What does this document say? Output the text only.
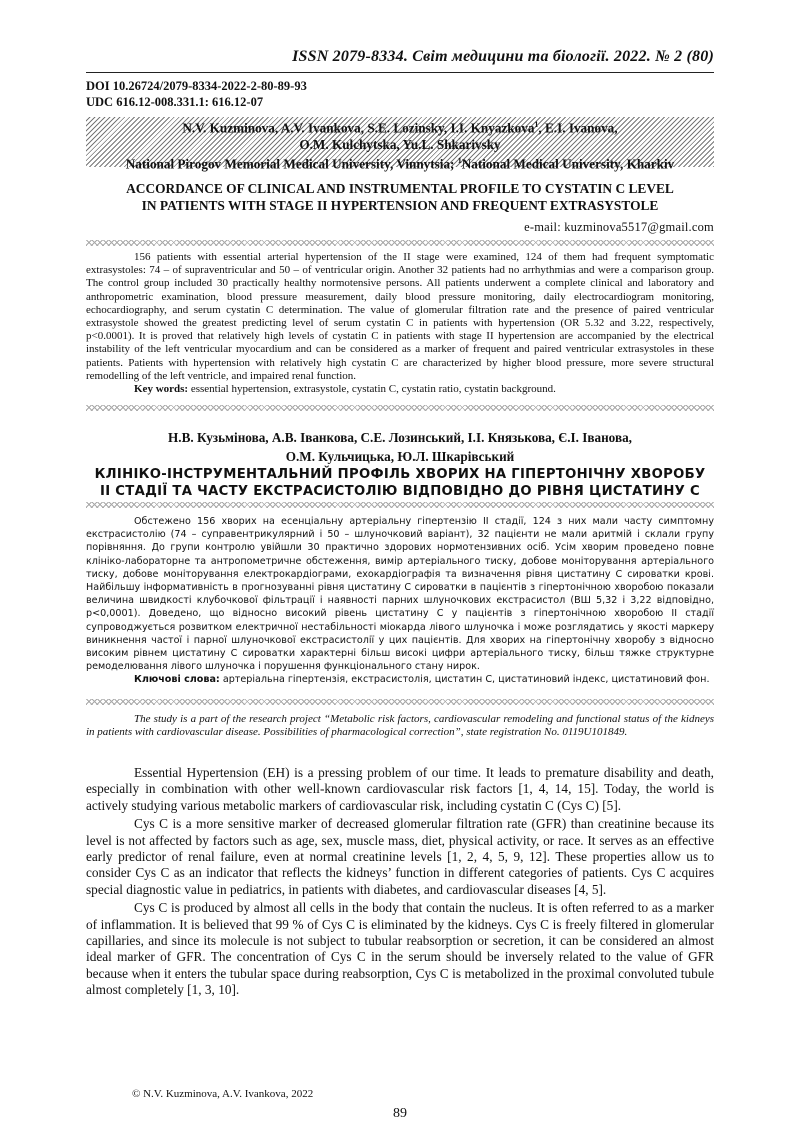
ISSN 2079-8334. Світ медицини та біології. 2022. № 2 (80)
DOI 10.26724/2079-8334-2022-2-80-89-93
UDC 616.12-008.331.1: 616.12-07
N.V. Kuzminova, A.V. Ivankova, S.E. Lozinsky, I.I. Knyazkova$^1$, E.I. Ivanova,
O.M. Kulchytska, Yu.L. Shkarivsky
National Pirogov Memorial Medical University, Vinnytsia; $^1$National Medical University, Kharkiv
ACCORDANCE OF CLINICAL AND INSTRUMENTAL PROFILE TO CYSTATIN C LEVEL
IN PATIENTS WITH STAGE II HYPERTENSION AND FREQUENT EXTRASYSTOLE
e-mail: kuzminova5517@gmail.com

156 patients with essential arterial hypertension of the II stage were examined, 124 of them had frequent symptomatic extrasystoles: 74 – of supraventricular and 50 – of ventricular origin. Another 32 patients had no arrhythmias and were a comparison group. The control group included 30 practically healthy normotensive persons. All patients underwent a complete clinical and laboratory and anthropometric examination, blood pressure measurement, daily blood pressure monitoring, daily electrocardiogram monitoring, echocardiography, and serum cystatin C determination. The value of glomerular filtration rate and the presence of paired ventricular extrasystole showed the greatest predicting level of serum cystatin C in patients with hypertension (OR 5.32 and 3.22, respectively, p<0.0001). It is proved that relatively high levels of cystatin C in patients with stage II hypertension are accompanied by the electrical instability of the left ventricular myocardium and can be considered as a marker of frequent and paired ventricular extrasystoles in these patients. Patients with hypertension with relatively high cystatin C are characterized by higher blood pressure, more severe structural remodelling of the left ventricle, and impaired renal function.

Key words: essential hypertension, extrasystole, cystatin C, cystatin ratio, cystatin background.

Н.В. Кузьмінова, А.В. Іванкова, С.Е. Лозинський, І.І. Князькова, Є.І. Іванова,
О.М. Кульчицька, Ю.Л. Шкарівський
КЛІНІКО-ІНСТРУМЕНТАЛЬНИЙ ПРОФІЛЬ ХВОРИХ НА ГІПЕРТОНІЧНУ ХВОРОБУ
ІІ СТАДІЇ ТА ЧАСТУ ЕКСТРАСИСТОЛІЮ ВІДПОВІДНО ДО РІВНЯ ЦИСТАТИНУ С

Обстежено 156 хворих на есенціальну артеріальну гіпертензію ІІ стадії, 124 з них мали часту симптомну екстрасистолію (74 – суправентрикулярний і 50 – шлуночковий варіант), 32 пацієнти не мали аритмій і склали групу порівняння. До групи контролю увійшли 30 практично здорових нормотензивних осіб. Усім хворим проведено повне клініко-лабораторне та антропометричне обстеження, вимір артеріального тиску, добове моніторування артеріального тиску, добове моніторування електрокардіограми, ехокардіографія та визначення рівня цистатину С сироватки крові. Найбільшу інформативність в прогнозуванні рівня цистатину С сироватки в пацієнтів з гіпертонічною хворобою показали величина швидкості клубочкової фільтрації і наявності парних шлуночкових екстрасистол (ВШ 5,32 і 3,22 відповідно, р<0,0001). Доведено, що відносно високий рівень цистатину С у пацієнтів з гіпертонічною хворобою ІІ стадії супроводжується розвитком електричної нестабільності міокарда лівого шлуночка і може розглядатись у якості маркеру виникнення частої і парної шлуночкової екстрасистолії у цих пацієнтів. Для хворих на гіпертонічну хворобу з відносно високим рівнем цистатину С сироватки характерні більш високі цифри артеріального тиску, більш тяжке структурне ремоделювання лівого шлуночка і порушення функціонального стану нирок.

Ключові слова: артеріальна гіпертензія, екстрасистолія, цистатин С, цистатиновий індекс, цистатиновий фон.

The study is a part of the research project “Metabolic risk factors, cardiovascular remodeling and functional status of the kidneys in patients with cardiovascular disease. Possibilities of pharmacological correction”, state registration No. 0119U101849.

Essential Hypertension (EH) is a pressing problem of our time. It leads to premature disability and death, especially in combination with other well-known cardiovascular risk factors [1, 4, 14, 15]. Today, the world is actively studying various metabolic markers of cardiovascular risk, including cystatin C (Cys C) [5].

Cys C is a more sensitive marker of decreased glomerular filtration rate (GFR) than creatinine because its level is not affected by factors such as age, sex, muscle mass, diet, physical activity, or race. It serves as an effective early predictor of renal failure, even at normal creatinine levels [1, 2, 4, 5, 9, 12]. These properties allow us to consider Cys C as an indicator that reflects the kidneys’ function in different categories of patients. Cys C acquires special diagnostic value in pediatrics, in patients with diabetes, and cardiovascular diseases [4, 5].

Cys C is produced by almost all cells in the body that contain the nucleus. It is often referred to as a marker of inflammation. It is believed that 99 % of Cys C is eliminated by the kidneys. Cys C is freely filtered in glomerular capillaries, and since its molecule is not subject to tubular reabsorption or secretion, it can be considered an almost ideal marker of GFR. The concentration of Cys C in the serum should be inversely related to the value of GFR because when it enters the tubular space during reabsorption, Cys C is metabolized in the proximal convoluted tubule almost completely [1, 3, 10].

© N.V. Kuzminova, A.V. Ivankova, 2022
89
